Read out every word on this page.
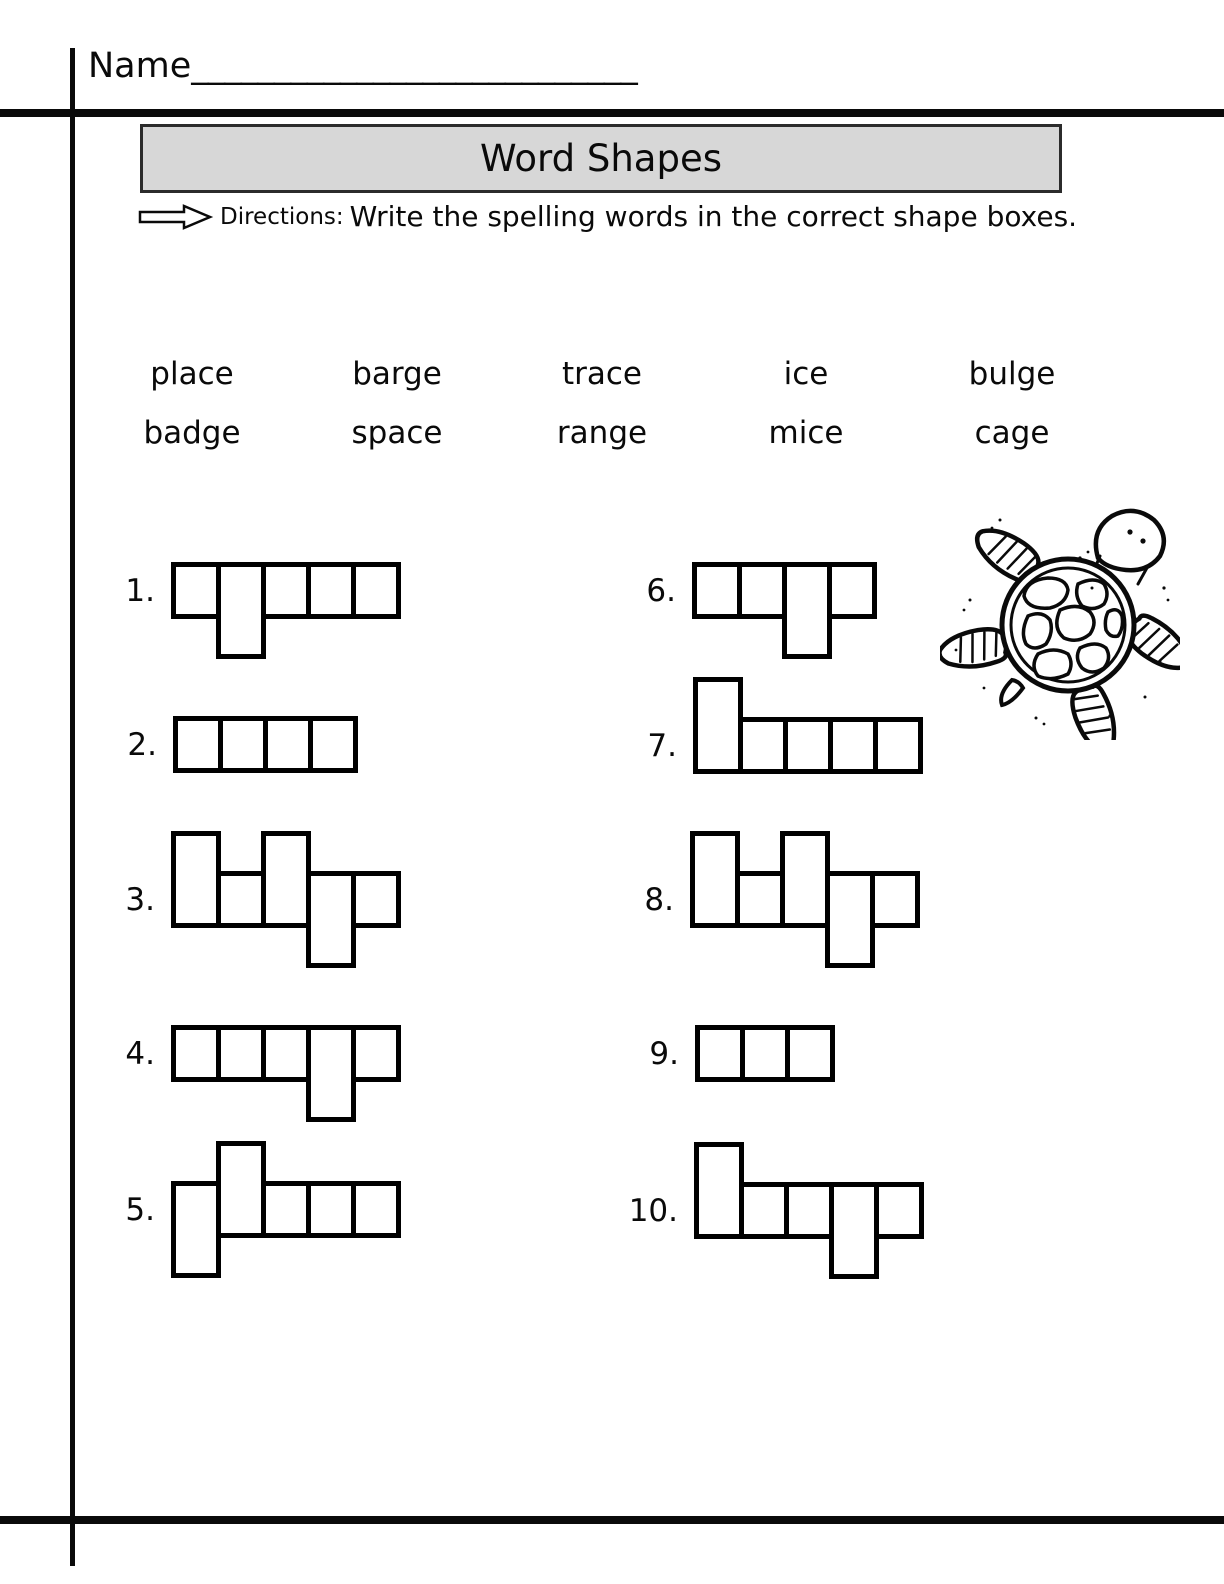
Name___________________________
Word Shapes
Directions: Write the spelling words in the correct shape boxes.
place	barge	trace	ice	bulge
badge	space	range	mice	cage
1.
2.
3.
4.
5.
6.
7.
8.
9.
10.
